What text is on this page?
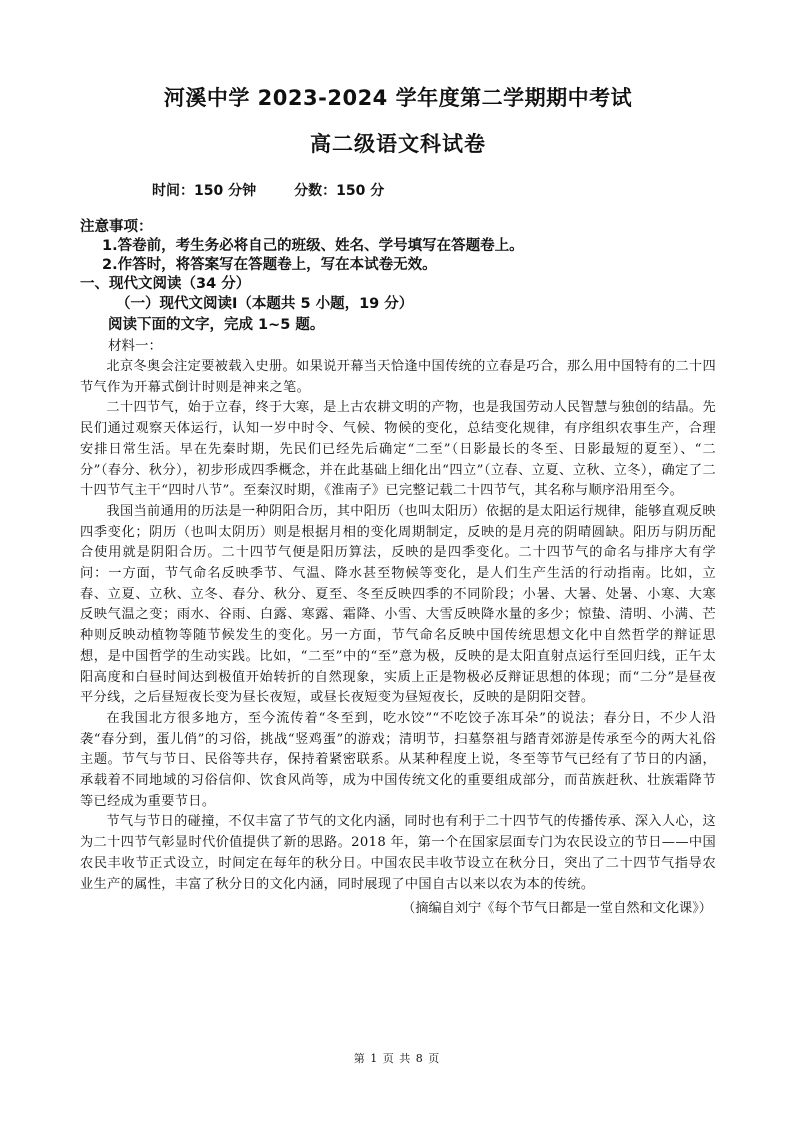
河溪中学 2023-2024 学年度第二学期期中考试
高二级语文科试卷
时间：150 分钟	分数：150 分
注意事项：
1.答卷前，考生务必将自己的班级、姓名、学号填写在答题卷上。
2.作答时，将答案写在答题卷上，写在本试卷无效。
一、现代文阅读（34 分）
（一）现代文阅读Ⅰ（本题共 5 小题，19 分）
阅读下面的文字，完成 1~5 题。
材料一：

北京冬奥会注定要被载入史册。如果说开幕当天恰逢中国传统的立春是巧合，那么用中国特有的二十四节气作为开幕式倒计时则是神来之笔。

二十四节气，始于立春，终于大寒，是上古农耕文明的产物，也是我国劳动人民智慧与独创的结晶。先民们通过观察天体运行，认知一岁中时令、气候、物候的变化，总结变化规律，有序组织农事生产，合理安排日常生活。早在先秦时期，先民们已经先后确定“二至”（日影最长的冬至、日影最短的夏至）、“二分”（春分、秋分），初步形成四季概念，并在此基础上细化出“四立”（立春、立夏、立秋、立冬），确定了二十四节气主干“四时八节”。至秦汉时期，《淮南子》已完整记载二十四节气，其名称与顺序沿用至今。

我国当前通用的历法是一种阴阳合历，其中阳历（也叫太阳历）依据的是太阳运行规律，能够直观反映四季变化；阴历（也叫太阴历）则是根据月相的变化周期制定，反映的是月亮的阴晴圆缺。阳历与阴历配合使用就是阴阳合历。二十四节气便是阳历算法，反映的是四季变化。二十四节气的命名与排序大有学问：一方面，节气命名反映季节、气温、降水甚至物候等变化，是人们生产生活的行动指南。比如，立春、立夏、立秋、立冬、春分、秋分、夏至、冬至反映四季的不同阶段；小暑、大暑、处暑、小寒、大寒反映气温之变；雨水、谷雨、白露、寒露、霜降、小雪、大雪反映降水量的多少；惊蛰、清明、小满、芒种则反映动植物等随节候发生的变化。另一方面，节气命名反映中国传统思想文化中自然哲学的辩证思想，是中国哲学的生动实践。比如，“二至”中的“至”意为极，反映的是太阳直射点运行至回归线，正午太阳高度和白昼时间达到极值开始转折的自然现象，实质上正是物极必反辩证思想的体现；而“二分”是昼夜平分线，之后昼短夜长变为昼长夜短，或昼长夜短变为昼短夜长，反映的是阴阳交替。

在我国北方很多地方，至今流传着“冬至到，吃水饺”“不吃饺子冻耳朵”的说法；春分日，不少人沿袭“春分到，蛋儿俏”的习俗，挑战“竖鸡蛋”的游戏；清明节，扫墓祭祖与踏青郊游是传承至今的两大礼俗主题。节气与节日、民俗等共存，保持着紧密联系。从某种程度上说，冬至等节气已经有了节日的内涵，承载着不同地域的习俗信仰、饮食风尚等，成为中国传统文化的重要组成部分，而苗族赶秋、壮族霜降节等已经成为重要节日。

节气与节日的碰撞，不仅丰富了节气的文化内涵，同时也有利于二十四节气的传播传承、深入人心，这为二十四节气彰显时代价值提供了新的思路。2018 年，第一个在国家层面专门为农民设立的节日——中国农民丰收节正式设立，时间定在每年的秋分日。中国农民丰收节设立在秋分日，突出了二十四节气指导农业生产的属性，丰富了秋分日的文化内涵，同时展现了中国自古以来以农为本的传统。

（摘编自刘宁《每个节气日都是一堂自然和文化课》）
第 1 页 共 8 页
